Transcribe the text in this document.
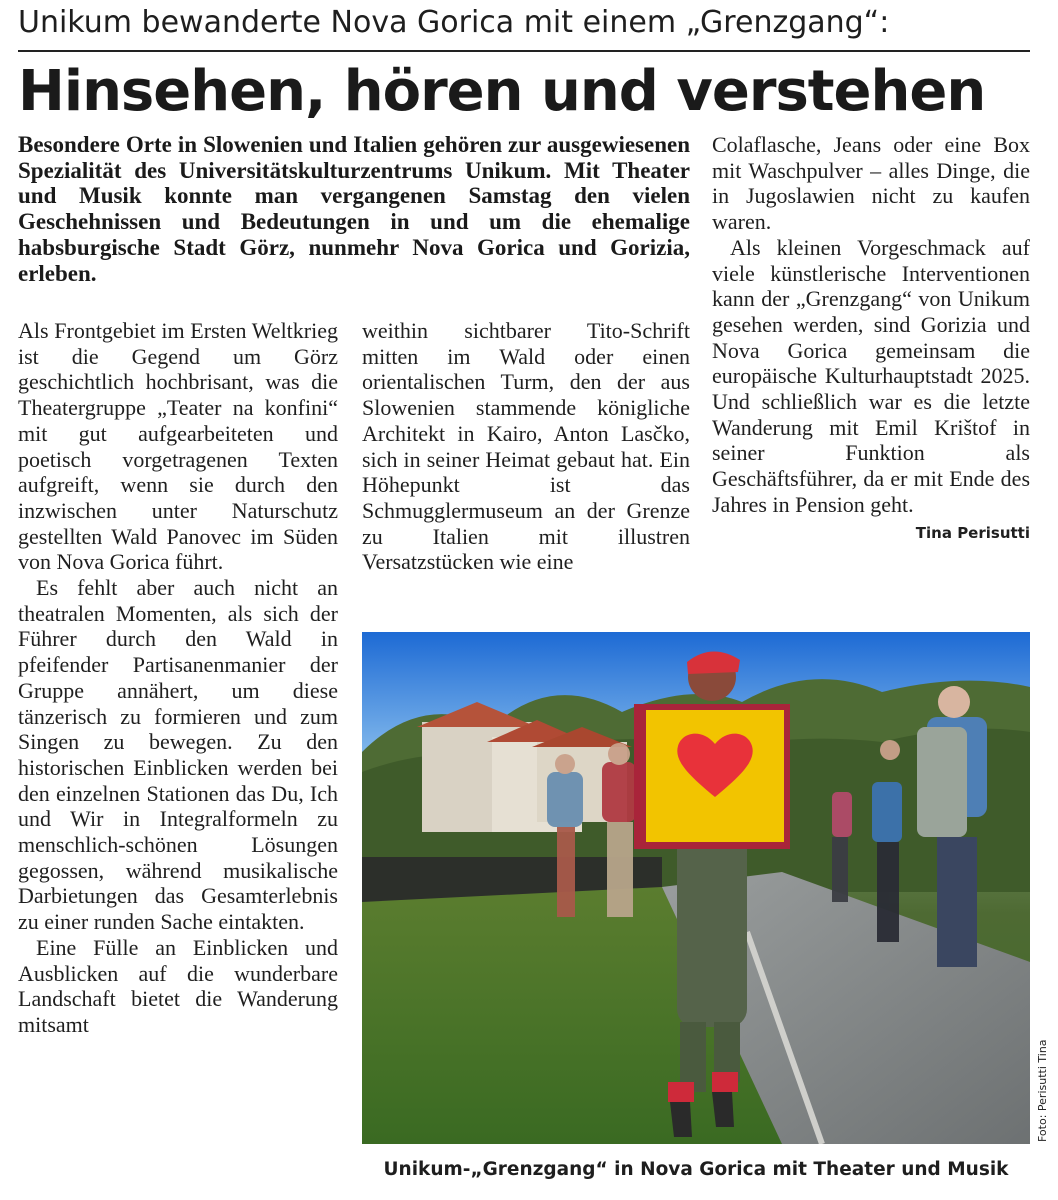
Unikum bewanderte Nova Gorica mit einem „Grenzgang“:
Hinsehen, hören und verstehen
Besondere Orte in Slowenien und Italien gehören zur ausgewiesenen Spezialität des Universitätskulturzentrums Unikum. Mit Theater und Musik konnte man vergangenen Samstag den vielen Geschehnissen und Bedeutungen in und um die ehemalige habsburgische Stadt Görz, nunmehr Nova Gorica und Gorizia, erleben.

Als Frontgebiet im Ersten Weltkrieg ist die Gegend um Görz geschichtlich hochbrisant, was die Theatergruppe „Teater na konfini“ mit gut aufgearbeiteten und poetisch vorgetragenen Texten aufgreift, wenn sie durch den inzwischen unter Naturschutz gestellten Wald Panovec im Süden von Nova Gorica führt.

Es fehlt aber auch nicht an theatralen Momenten, als sich der Führer durch den Wald in pfeifender Partisanenmanier der Gruppe annähert, um diese tänzerisch zu formieren und zum Singen zu bewegen. Zu den historischen Einblicken werden bei den einzelnen Stationen das Du, Ich und Wir in Integralformeln zu menschlich-schönen Lösungen gegossen, während musikalische Darbietungen das Gesamterlebnis zu einer runden Sache eintakten.

Eine Fülle an Einblicken und Ausblicken auf die wunderbare Landschaft bietet die Wanderung mitsamt

weithin sichtbarer Tito-Schrift mitten im Wald oder einen orientalischen Turm, den der aus Slowenien stammende königliche Architekt in Kairo, Anton Lasčko, sich in seiner Heimat gebaut hat. Ein Höhepunkt ist das Schmugglermuseum an der Grenze zu Italien mit illustren Versatzstücken wie eine

Colaflasche, Jeans oder eine Box mit Waschpulver – alles Dinge, die in Jugoslawien nicht zu kaufen waren.

Als kleinen Vorgeschmack auf viele künstlerische Interventionen kann der „Grenzgang“ von Unikum gesehen werden, sind Gorizia und Nova Gorica gemeinsam die europäische Kulturhauptstadt 2025. Und schließlich war es die letzte Wanderung mit Emil Krištof in seiner Funktion als Geschäftsführer, da er mit Ende des Jahres in Pension geht.
Tina Perisutti

Foto: Perisutti Tina
Unikum-„Grenzgang“ in Nova Gorica mit Theater und Musik
